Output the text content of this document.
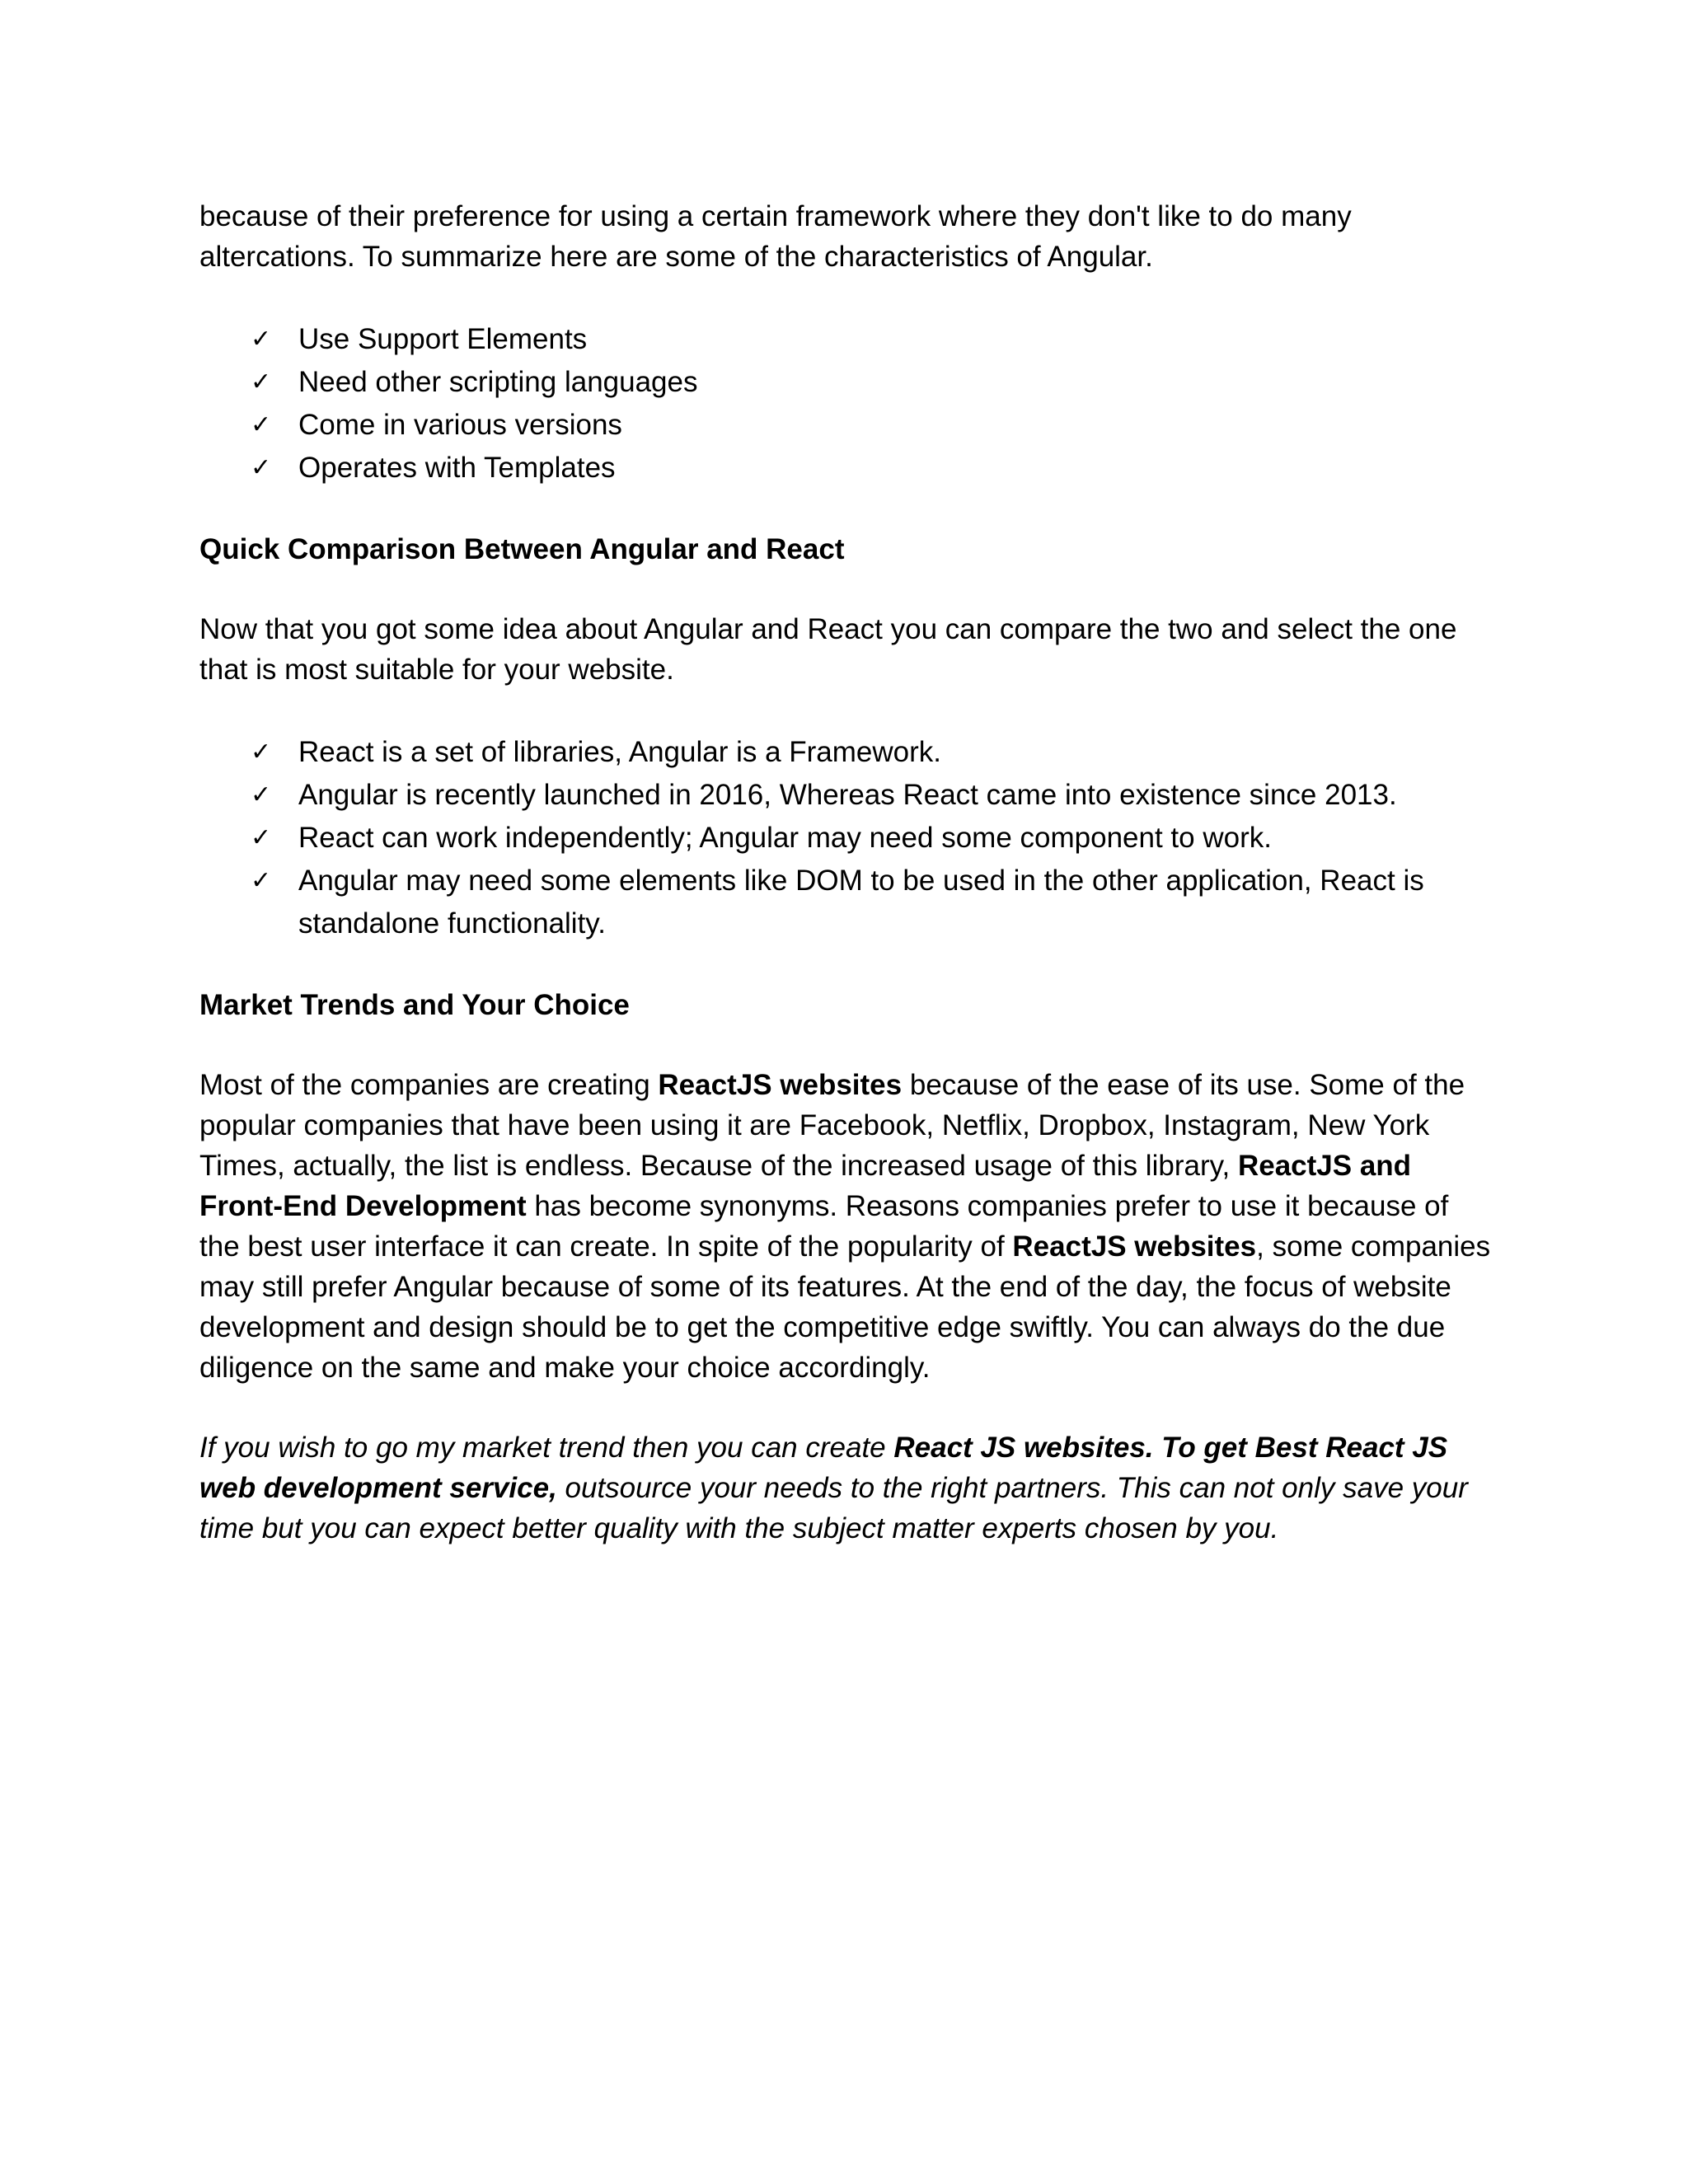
because of their preference for using a certain framework where they don't like to do many
altercations. To summarize here are some of the characteristics of Angular.

✓ Use Support Elements
✓ Need other scripting languages
✓ Come in various versions
✓ Operates with Templates
Quick Comparison Between Angular and React

Now that you got some idea about Angular and React you can compare the two and select the one that is most suitable for your website.

✓ React is a set of libraries, Angular is a Framework.
✓ Angular is recently launched in 2016, Whereas React came into existence since 2013.
✓ React can work independently; Angular may need some component to work.
✓ Angular may need some elements like DOM to be used in the other application, React is standalone functionality.
Market Trends and Your Choice

Most of the companies are creating ReactJS websites because of the ease of its use. Some of the popular companies that have been using it are Facebook, Netflix, Dropbox, Instagram, New York Times, actually, the list is endless. Because of the increased usage of this library, ReactJS and Front-End Development has become synonyms. Reasons companies prefer to use it because of the best user interface it can create. In spite of the popularity of ReactJS websites, some companies may still prefer Angular because of some of its features. At the end of the day, the focus of website development and design should be to get the competitive edge swiftly. You can always do the due diligence on the same and make your choice accordingly.

If you wish to go my market trend then you can create React JS websites. To get Best React JS web development service, outsource your needs to the right partners. This can not only save your time but you can expect better quality with the subject matter experts chosen by you.
